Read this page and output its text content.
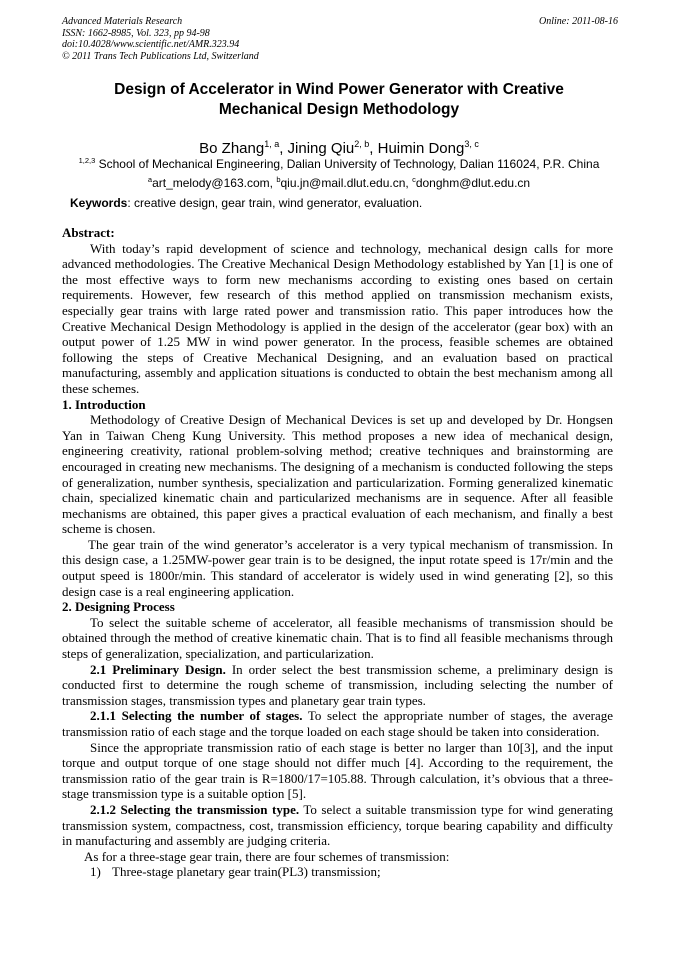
Advanced Materials Research
ISSN: 1662-8985, Vol. 323, pp 94-98
doi:10.4028/www.scientific.net/AMR.323.94
© 2011 Trans Tech Publications Ltd, Switzerland
Online: 2011-08-16
Design of Accelerator in Wind Power Generator with Creative
Mechanical Design Methodology
Bo Zhang$^{1, a}$, Jining Qiu$^{2, b}$, Huimin Dong$^{3, c}$
$^{1,2,3}$ School of Mechanical Engineering, Dalian University of Technology, Dalian 116024, P.R. China
$^a$art_melody@163.com, $^b$qiu.jn@mail.dlut.edu.cn, $^c$donghm@dlut.edu.cn
Keywords: creative design, gear train, wind generator, evaluation.
Abstract:

With today’s rapid development of science and technology, mechanical design calls for more advanced methodologies. The Creative Mechanical Design Methodology established by Yan [1] is one of the most effective ways to form new mechanisms according to existing ones based on certain requirements. However, few research of this method applied on transmission mechanism exists, especially gear trains with large rated power and transmission ratio. This paper introduces how the Creative Mechanical Design Methodology is applied in the design of the accelerator (gear box) with an output power of 1.25 MW in wind power generator. In the process, feasible schemes are obtained following the steps of Creative Mechanical Designing, and an evaluation based on practical manufacturing, assembly and application situations is conducted to obtain the best mechanism among all these schemes.

1. Introduction

Methodology of Creative Design of Mechanical Devices is set up and developed by Dr. Hongsen Yan in Taiwan Cheng Kung University. This method proposes a new idea of mechanical design, engineering creativity, rational problem-solving method; creative techniques and brainstorming are encouraged in creating new mechanisms. The designing of a mechanism is conducted following the steps of generalization, number synthesis, specialization and particularization. Forming generalized kinematic chain, specialized kinematic chain and particularized mechanisms are in sequence. After all feasible mechanisms are obtained, this paper gives a practical evaluation of each mechanism, and finally a best scheme is chosen.

The gear train of the wind generator’s accelerator is a very typical mechanism of transmission. In this design case, a 1.25MW-power gear train is to be designed, the input rotate speed is 17r/min and the output speed is 1800r/min. This standard of accelerator is widely used in wind generating [2], so this design case is a real engineering application.

2. Designing Process

To select the suitable scheme of accelerator, all feasible mechanisms of transmission should be obtained through the method of creative kinematic chain. That is to find all feasible mechanisms through steps of generalization, specialization, and particularization.

2.1 Preliminary Design. In order select the best transmission scheme, a preliminary design is conducted first to determine the rough scheme of transmission, including selecting the number of transmission stages, transmission types and planetary gear train types.

2.1.1 Selecting the number of stages. To select the appropriate number of stages, the average transmission ratio of each stage and the torque loaded on each stage should be taken into consideration.

Since the appropriate transmission ratio of each stage is better no larger than 10[3], and the input torque and output torque of one stage should not differ much [4]. According to the requirement, the transmission ratio of the gear train is R=1800/17=105.88. Through calculation, it’s obvious that a three-stage transmission type is a suitable option [5].

2.1.2 Selecting the transmission type. To select a suitable transmission type for wind generating transmission system, compactness, cost, transmission efficiency, torque bearing capability and difficulty in manufacturing and assembly are judging criteria.

As for a three-stage gear train, there are four schemes of transmission:

1) Three-stage planetary gear train(PL3) transmission;
